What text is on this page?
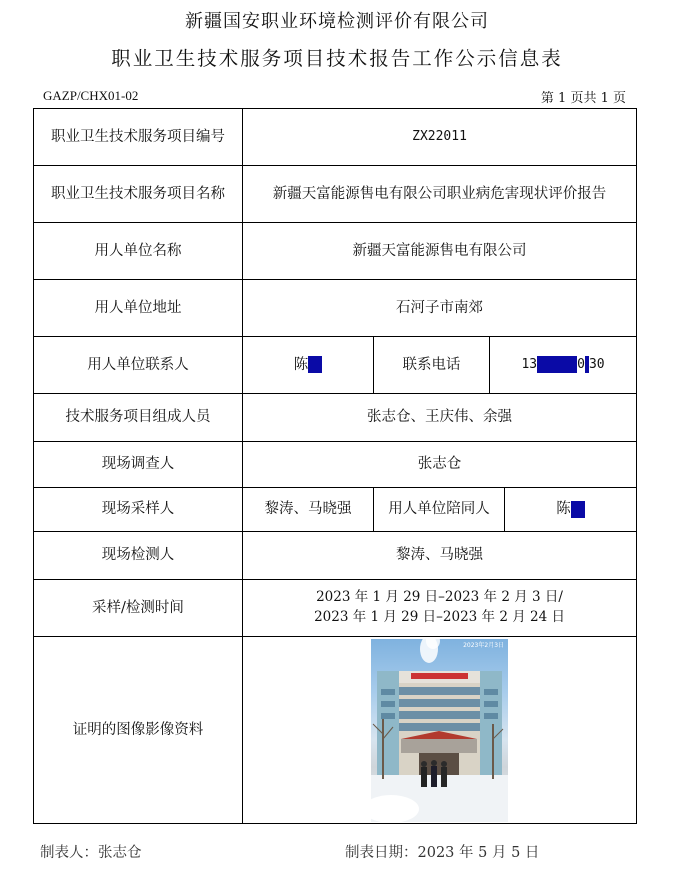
新疆国安职业环境检测评价有限公司
职业卫生技术服务项目技术报告工作公示信息表
GAZP/CHX01-02	第 1 页共 1 页
职业卫生技术服务项目编号	ZX22011			
职业卫生技术服务项目名称	新疆天富能源售电有限公司职业病危害现状评价报告			
用人单位名称	新疆天富能源售电有限公司			
用人单位地址	石河子市南郊			
用人单位联系人	陈	联系电话	13 0 30	
技术服务项目组成人员	张志仓、王庆伟、余强			
现场调查人	张志仓			
现场采样人	黎涛、马晓强	用人单位陪同人		陈
现场检测人	黎涛、马晓强			
采样/检测时间	2023 年 1 月 29 日–2023 年 2 月 3 日/
2023 年 1 月 29 日–2023 年 2 月 24 日			

证明的图像影像资料	2023年2月3日			
制表人：张志仓	制表日期：2023 年 5 月 5 日
